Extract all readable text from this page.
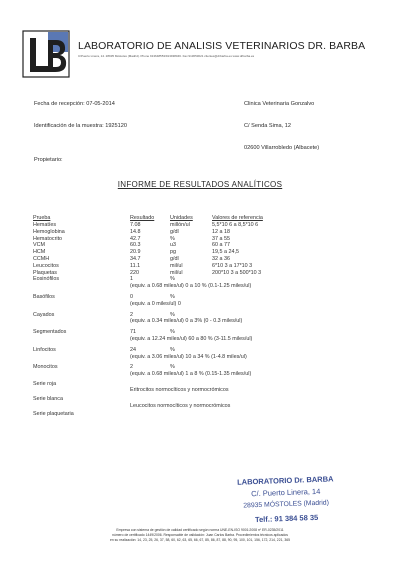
LABORATORIO DE ANALISIS VETERINARIOS DR. BARBA
C/Puerto Linera, 14. 28935 Móstoles (Madrid). Phone 913648553/913938046. Fax 913653021 clientes@drbarba.es www.drbarba.es
Fecha de recepción: 07-05-2014
Identificación de la muestra: 1925120
Propietario:
Clinica Veterinaria Gonzalvo
C/ Senda Sima, 12
02600 Villarrobledo (Albacete)
INFORME DE RESULTADOS ANALÍTICOS
Prueba	Resultado	Unidades	Valores de referencia
Hematíes	7.08	millón/ul	5,5*10 6 a 8,5*10 6
Hemoglobina	14.8	g/dl	12 a 18
Hematocrito	42.7	%	37 a 55
VCM	60.3	u3	60 a 77
HCM	20.9	pg	19,5 a 24,5
CCMH	34.7	g/dl	32 a 36
Leucocitos	11.1	mil/ul	6*10 3 a 17*10 3
Plaquetas	220	mil/ul	200*10 3 a 500*10 3
Eosinófilos	1	%
(equiv. a 0.68 miles/ul) 0 a 10 % (0.1-1.25 miles/ul)
Basófilos	0	%
(equiv. a 0 miles/ul) 0
Cayados	2	%
(equiv. a 0.34 miles/ul) 0 a 3% (0 - 0.3 miles/ul)
Segmentados	71	%
(equiv. a 12.24 miles/ul) 60 a 80 % (3-11.5 miles/ul)
Linfocitos	24	%
(equiv. a 3.06 miles/ul) 10 a 34 % (1-4.8 miles/ul)
Monocitos	2	%
(equiv. a 0.68 miles/ul) 1 a 8 % (0.15-1.35 miles/ul)
Serie roja
Eritrocitos normocíticos y normocrómicos
Serie blanca
Leucocitos normocíticos y normocrómicos
Serie plaquetaria
LABORATORIO Dr. BARBA
C/. Puerto Linera, 14
28935 MÓSTOLES (Madrid)
Telf.: 91 384 58 35
Empresa con sistema de gestión de calidad certificado según norma UNE-EN-ISO 9001:2008 nº ER-0235/2011
número de certificado 1449/2006. Responsable de validación: Juan Carlos Barba. Procedimientos técnicos aplicados
en su realización: 14, 23, 25, 26, 37, 58, 60, 62, 63, 65, 66, 67, 85, 86, 87, 88, 90, 95, 100, 101, 156, 172, 214, 221, 365
